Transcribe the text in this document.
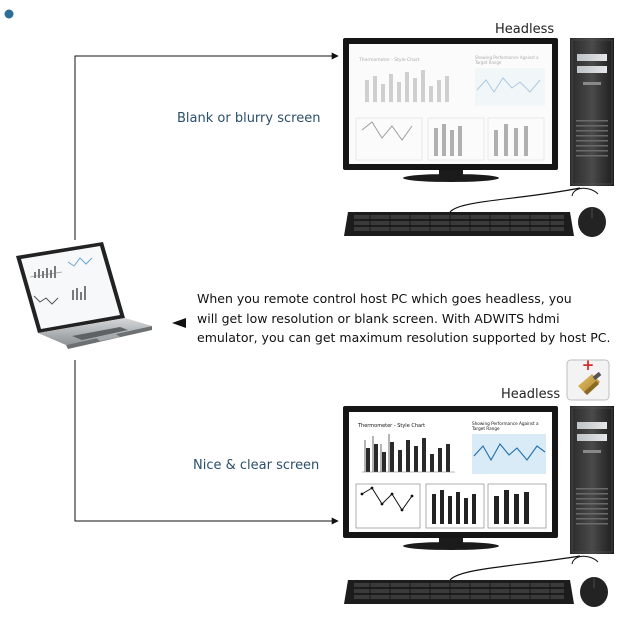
Thermometer - Style Chart
Showing Performance Against a
Target Range
Thermometer - Style Chart	Showing Performance Against a
Target Range
Headless
Headless
Blank or blurry screen
Nice & clear screen
When you remote control host PC which goes headless, you
will get low resolution or blank screen. With ADWITS hdmi
emulator, you can get maximum resolution supported by host PC.
+
